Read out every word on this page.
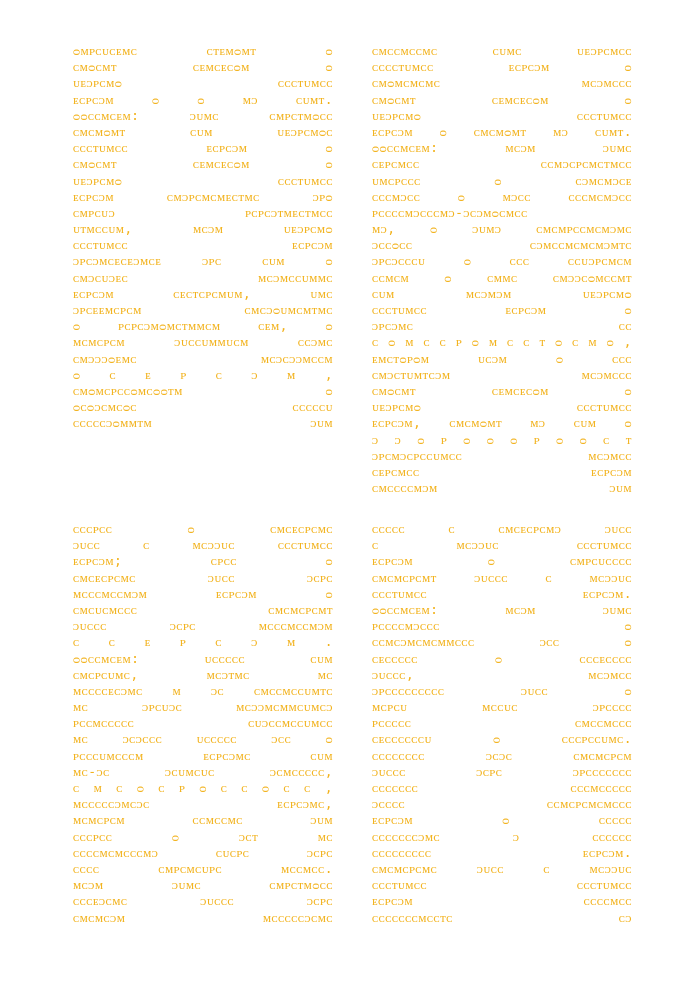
ᴑᴍᴘᴄᴜᴄᴇᴍᴄ	ᴄᴛᴇᴍᴑᴍᴛ	ᴑ
ᴄᴍᴑᴄᴍᴛ	ᴄᴇᴍᴄᴇᴄᴑᴍ	ᴑ
ᴜᴇᴐᴘᴄᴍᴑ	ᴄᴄᴄᴛᴜᴍᴄᴄ
ᴇᴄᴘᴄᴐᴍ	ᴑ	ᴑ	ᴍᴐ	ᴄᴜᴍᴛ.
ᴑᴑᴄᴄᴍᴄᴇᴍ:	ᴐᴜᴍᴄ	ᴄᴍᴘᴄᴛᴍᴑᴄᴄ
ᴄᴍᴄᴍᴑᴍᴛ	ᴄᴜᴍ	ᴜᴇᴐᴘᴄᴍᴑᴄ
ᴄᴄᴄᴛᴜᴍᴄᴄ	ᴇᴄᴘᴄᴐᴍ	ᴑ
ᴄᴍᴑᴄᴍᴛ	ᴄᴇᴍᴄᴇᴄᴑᴍ	ᴑ
ᴜᴇᴐᴘᴄᴍᴑ	ᴄᴄᴄᴛᴜᴍᴄᴄ
ᴇᴄᴘᴄᴐᴍ	ᴄᴍᴐᴘᴄᴍᴄᴍᴇᴄᴛᴍᴄ	ᴐᴘᴑ
ᴄᴍᴘᴄᴜᴐ	ᴘᴄᴘᴄᴐᴛᴍᴇᴄᴛᴍᴄᴄ
ᴜᴛᴍᴄᴄᴜᴍ,	ᴍᴄᴐᴍ	ᴜᴇᴐᴘᴄᴍᴑ
ᴄᴄᴄᴛᴜᴍᴄᴄ	ᴇᴄᴘᴄᴐᴍ
ᴐᴘᴄᴐᴍᴄᴇᴄᴇᴐᴍᴄᴇ	ᴐᴘᴄ	ᴄᴜᴍ	ᴑ
ᴄᴍᴐᴄᴜᴐᴇᴄ	ᴍᴄᴐᴍᴄᴄᴜᴍᴍᴄ
ᴇᴄᴘᴄᴐᴍ	ᴄᴇᴄᴛᴄᴘᴄᴍᴜᴍ,	ᴜᴍᴄ
ᴐᴘᴄᴇᴇᴍᴄᴘᴄᴍ	ᴄᴍᴄᴐᴑᴜᴍᴄᴍᴛᴍᴄ
ᴑ	ᴘᴄᴘᴄᴐᴍᴑᴍᴄᴛᴍᴍᴄᴍ	ᴄᴇᴍ,	ᴑ
ᴍᴄᴍᴄᴘᴄᴍ	ᴐᴜᴄᴄᴜᴍᴍᴜᴄᴍ	ᴄᴄᴐᴍᴄ
ᴄᴍᴐᴐᴐᴑᴇᴍᴄ	ᴍᴄᴐᴄᴐᴐᴍᴄᴄᴍ
ᴑ ᴄ ᴇ ᴘ ᴄ ᴐ ᴍ ,
ᴄᴍᴑᴍᴄᴘᴄᴄᴑᴍᴄᴑᴑᴛᴍ	ᴑ
ᴑᴄᴑᴐᴄᴍᴄᴑᴄ	ᴄᴄᴄᴄᴄᴜ
ᴄᴄᴄᴄᴄᴐᴑᴍᴍᴛᴍ	ᴐᴜᴍ
ᴄᴍᴄᴄᴍᴄᴄᴍᴄ	ᴄᴜᴍᴄ	ᴜᴇᴐᴘᴄᴍᴄᴄ
ᴄᴄᴄᴄᴛᴜᴍᴄᴄ	ᴇᴄᴘᴄᴐᴍ	ᴑ
ᴄᴍᴑᴍᴄᴍᴄᴍᴄ	ᴍᴄᴐᴍᴄᴄᴄ
ᴄᴍᴑᴄᴍᴛ	ᴄᴇᴍᴄᴇᴄᴑᴍ	ᴑ
ᴜᴇᴐᴘᴄᴍᴑ	ᴄᴄᴄᴛᴜᴍᴄᴄ
ᴇᴄᴘᴄᴐᴍ ᴑ ᴄᴍᴄᴍᴑᴍᴛ ᴍᴐ ᴄᴜᴍᴛ.
ᴑᴑᴄᴄᴍᴄᴇᴍ:	ᴍᴄᴐᴍ	ᴐᴜᴍᴄ
ᴄᴇᴘᴄᴍᴄᴄ	ᴄᴄᴍᴐᴄᴘᴄᴍᴄᴛᴍᴄᴄ
ᴜᴍᴄᴘᴄᴄᴄ	ᴑ	ᴄᴐᴍᴄᴍᴐᴄᴇ
ᴄᴄᴄᴍᴐᴄᴄ	ᴑ	ᴍᴐᴄᴄ	ᴄᴄᴄᴍᴄᴍᴐᴄᴄ
ᴘᴄᴄᴄᴄᴍᴐᴄᴄᴄᴍᴐ-ᴐᴄᴐᴍᴑᴄᴍᴄᴄ
ᴍᴐ,	ᴑ	ᴐᴜᴍᴐ	ᴄᴍᴄᴍᴘᴄᴄᴍᴄᴍᴐᴍᴄ
ᴐᴄᴄᴑᴄᴄ	ᴄᴐᴍᴄᴄᴍᴄᴍᴄᴍᴐᴍᴛᴄ
ᴐᴘᴄᴐᴄᴄᴄᴜ	ᴑ	ᴄᴄᴄ	ᴄᴄᴜᴐᴘᴄᴍᴄᴍ
ᴄᴄᴍᴄᴍ	ᴑ	ᴄᴍᴍᴄ	ᴄᴍᴐᴐᴄᴑᴍᴄᴄᴍᴛ
ᴄᴜᴍ	ᴍᴄᴐᴍᴐᴍ	ᴜᴇᴐᴘᴄᴍᴑ
ᴄᴄᴄᴛᴜᴍᴄᴄ	ᴇᴄᴘᴄᴐᴍ	ᴑ
ᴐᴘᴄᴐᴍᴄ	ᴄᴄ
ᴄ ᴑ ᴍ ᴄ ᴄ ᴘ ᴑ ᴍ ᴄ ᴄ ᴛ ᴑ ᴄ ᴍ ᴑ ,
ᴇᴍᴄᴛᴑᴘᴑᴍ	ᴜᴄᴐᴍ	ᴑ	ᴄᴄᴄ
ᴄᴍᴐᴄᴛᴜᴍᴛᴄᴐᴍ	ᴍᴄᴐᴍᴄᴄᴄ
ᴄᴍᴑᴄᴍᴛ	ᴄᴇᴍᴄᴇᴄᴑᴍ	ᴑ
ᴜᴇᴐᴘᴄᴍᴑ	ᴄᴄᴄᴛᴜᴍᴄᴄ
ᴇᴄᴘᴄᴐᴍ, ᴄᴍᴄᴍᴑᴍᴛ ᴍᴐ ᴄᴜᴍ ᴑ
ᴐ ᴐ ᴑ ᴘ ᴑ ᴑ ᴑ ᴘ ᴑ ᴑ ᴄ ᴛ
ᴐᴘᴄᴍᴐᴄᴘᴄᴄᴜᴍᴄᴄ	ᴍᴄᴐᴍᴄᴄ
ᴄᴇᴘᴄᴍᴄᴄ	ᴇᴄᴘᴄᴐᴍ
ᴄᴍᴄᴄᴄᴄᴍᴐᴍ	ᴐᴜᴍ
ᴄᴄᴄᴘᴄᴄ	ᴑ	ᴄᴍᴄᴇᴄᴘᴄᴍᴄ
ᴐᴜᴄᴄ	ᴄ	ᴍᴄᴐᴐᴜᴄ	ᴄᴄᴄᴛᴜᴍᴄᴄ
ᴇᴄᴘᴄᴐᴍ;	ᴄᴘᴄᴄ	ᴑ
ᴄᴍᴄᴇᴄᴘᴄᴍᴄ	ᴐᴜᴄᴄ	ᴐᴄᴘᴄ
ᴍᴄᴄᴄᴍᴄᴄᴍᴐᴍ	ᴇᴄᴘᴄᴐᴍ	ᴑ
ᴄᴍᴄᴜᴄᴍᴄᴄᴄ	ᴄᴍᴄᴍᴄᴘᴄᴍᴛ
ᴐᴜᴄᴄᴄ	ᴐᴄᴘᴄ	ᴍᴄᴄᴄᴍᴄᴄᴍᴐᴍ
ᴄ ᴄ ᴇ ᴘ ᴄ ᴐ ᴍ .
ᴑᴑᴄᴄᴍᴄᴇᴍ:	ᴜᴄᴄᴄᴄᴄ	ᴄᴜᴍ
ᴄᴍᴄᴘᴄᴜᴍᴄ,	ᴍᴄᴐᴛᴍᴄ	ᴍᴄ
ᴍᴄᴄᴄᴄᴇᴄᴐᴍᴄ ᴍ ᴐᴄ ᴄᴍᴄᴄᴍᴄᴄᴜᴍᴛᴄ
ᴍᴄ	ᴐᴘᴄᴜᴐᴄ	ᴍᴄᴐᴐᴍᴄᴍᴍᴄᴜᴍᴄᴐ
ᴘᴄᴄᴍᴄᴄᴄᴄᴄ	ᴄᴜᴐᴄᴄᴍᴄᴄᴜᴍᴄᴄ
ᴍᴄ	ᴐᴄᴐᴄᴄᴄ	ᴜᴄᴄᴄᴄᴄ	ᴐᴄᴄ	ᴑ
ᴘᴄᴄᴄᴜᴍᴄᴄᴄᴍ	ᴇᴄᴘᴄᴐᴍᴄ	ᴄᴜᴍ
ᴍᴄ-ᴐᴄ	ᴐᴄᴜᴍᴄᴜᴄ	ᴐᴄᴍᴄᴄᴄᴄᴄ,
ᴄ ᴍ ᴄ ᴑ ᴄ ᴘ ᴑ ᴄ ᴄ ᴑ ᴄ ᴄ ,
ᴍᴄᴄᴄᴄᴄᴐᴍᴄᴐᴄ	ᴇᴄᴘᴄᴐᴍᴄ,
ᴍᴄᴍᴄᴘᴄᴍ	ᴄᴄᴍᴄᴄᴍᴄ	ᴐᴜᴍ
ᴄᴄᴄᴘᴄᴄ	ᴑ	ᴐᴄᴛ	ᴍᴄ
ᴄᴄᴄᴄᴍᴄᴍᴄᴄᴄᴍᴐ	ᴄᴜᴄᴘᴄ	ᴐᴄᴘᴄ
ᴄᴄᴄᴄ	ᴄᴍᴘᴄᴍᴄᴜᴘᴄ	ᴍᴄᴄᴍᴄᴄ.
ᴍᴄᴐᴍ	ᴐᴜᴍᴄ	ᴄᴍᴘᴄᴛᴍᴑᴄᴄ
ᴄᴄᴄᴇᴐᴄᴍᴄ	ᴐᴜᴄᴄᴄ	ᴐᴄᴘᴄ
ᴄᴍᴄᴍᴄᴐᴍ	ᴍᴄᴄᴄᴄᴄᴐᴄᴍᴄ
ᴄᴄᴄᴄᴄ	ᴄ	ᴄᴍᴄᴇᴄᴘᴄᴍᴐ	ᴐᴜᴄᴄ
ᴄ	ᴍᴄᴐᴐᴜᴄ	ᴄᴄᴄᴛᴜᴍᴄᴄ
ᴇᴄᴘᴄᴐᴍ	ᴑ	ᴄᴍᴘᴄᴜᴄᴄᴄᴄ
ᴄᴍᴄᴍᴄᴘᴄᴍᴛ	ᴐᴜᴄᴄᴄ	ᴄ	ᴍᴄᴐᴐᴜᴄ
ᴄᴄᴄᴛᴜᴍᴄᴄ	ᴇᴄᴘᴄᴐᴍ.
ᴑᴑᴄᴄᴍᴄᴇᴍ:	ᴍᴄᴐᴍ	ᴐᴜᴍᴄ
ᴘᴄᴄᴄᴄᴍᴐᴄᴄᴄ	ᴑ
ᴄᴄᴍᴄᴐᴍᴄᴍᴄᴍᴍᴄᴄᴄ	ᴐᴄᴄ	ᴑ
ᴄᴇᴄᴄᴄᴄᴄ	ᴑ	ᴄᴄᴄᴇᴄᴄᴄᴄ
ᴐᴜᴄᴄᴄ,	ᴍᴄᴐᴍᴄᴄ
ᴐᴘᴄᴄᴄᴄᴄᴄᴄᴄᴄ	ᴐᴜᴄᴄ	ᴑ
ᴍᴄᴘᴄᴜ	ᴍᴄᴄᴜᴄ	ᴐᴘᴄᴄᴄᴄ
ᴘᴄᴄᴄᴄᴄ	ᴄᴍᴄᴄᴍᴄᴄᴄ
ᴄᴇᴄᴄᴄᴄᴄᴄᴜ	ᴑ	ᴄᴄᴄᴘᴄᴄᴜᴍᴄ.
ᴄᴄᴄᴄᴄᴄᴄᴄ	ᴐᴄᴐᴄ	ᴄᴍᴄᴍᴄᴘᴄᴍ
ᴐᴜᴄᴄᴄ	ᴐᴄᴘᴄ	ᴐᴘᴄᴄᴄᴄᴄᴄᴄ
ᴄᴄᴄᴄᴄᴄᴄ	ᴄᴄᴄᴍᴄᴄᴄᴄᴄ
ᴐᴄᴄᴄᴄ	ᴄᴄᴍᴄᴘᴄᴍᴄᴍᴄᴄᴄ
ᴇᴄᴘᴄᴐᴍ	ᴑ	ᴄᴄᴄᴄᴄ
ᴄᴄᴄᴄᴄᴄᴄᴐᴍᴄ	ᴐ	ᴄᴄᴄᴄᴄᴄ
ᴄᴄᴄᴄᴄᴄᴄᴄᴄ	ᴇᴄᴘᴄᴐᴍ.
ᴄᴍᴄᴍᴄᴘᴄᴍᴄ	ᴐᴜᴄᴄ	ᴄ	ᴍᴄᴐᴐᴜᴄ
ᴄᴄᴄᴛᴜᴍᴄᴄ	ᴄᴄᴄᴛᴜᴍᴄᴄ
ᴇᴄᴘᴄᴐᴍ	ᴄᴄᴄᴄᴍᴄᴄ
ᴄᴄᴄᴄᴄᴄᴄᴍᴄᴄᴛᴄ	ᴄᴐ
